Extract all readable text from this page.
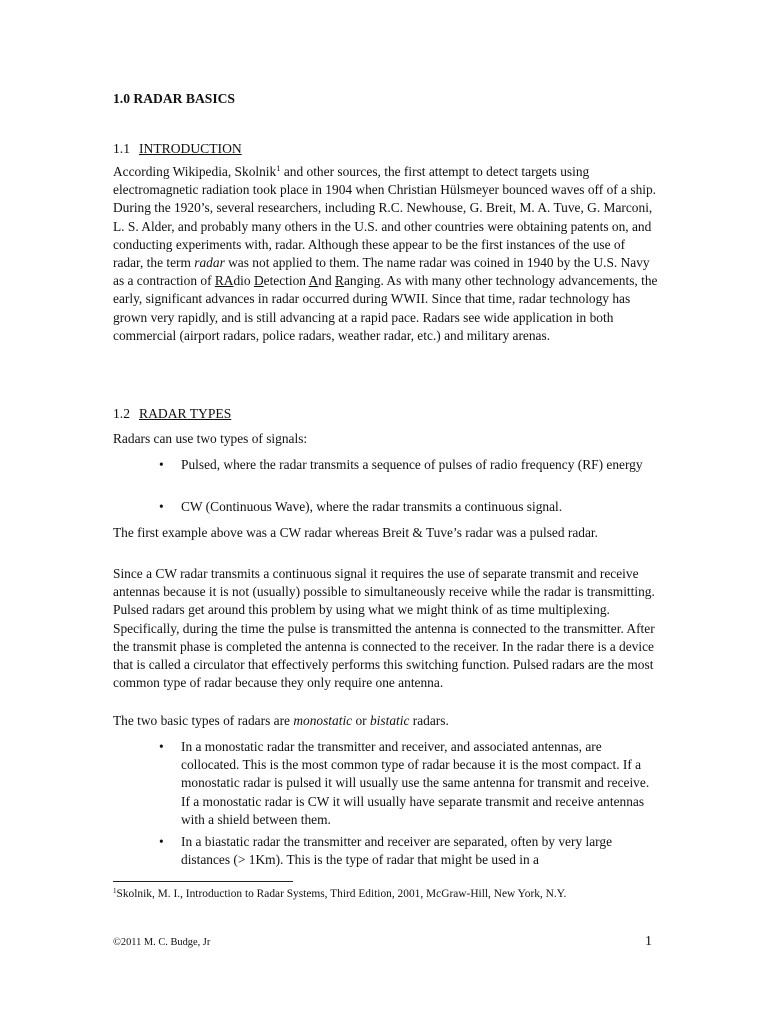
1.0 RADAR BASICS
1.1 INTRODUCTION

According Wikipedia, Skolnik$^1$ and other sources, the first attempt to detect targets using electromagnetic radiation took place in 1904 when Christian Hülsmeyer bounced waves off of a ship. During the 1920’s, several researchers, including R.C. Newhouse, G. Breit, M. A. Tuve, G. Marconi, L. S. Alder, and probably many others in the U.S. and other countries were obtaining patents on, and conducting experiments with, radar. Although these appear to be the first instances of the use of radar, the term radar was not applied to them. The name radar was coined in 1940 by the U.S. Navy as a contraction of RAdio Detection And Ranging. As with many other technology advancements, the early, significant advances in radar occurred during WWII. Since that time, radar technology has grown very rapidly, and is still advancing at a rapid pace. Radars see wide application in both commercial (airport radars, police radars, weather radar, etc.) and military arenas.

1.2 RADAR TYPES

Radars can use two types of signals:

•	Pulsed, where the radar transmits a sequence of pulses of radio frequency (RF) energy
•	CW (Continuous Wave), where the radar transmits a continuous signal.

The first example above was a CW radar whereas Breit & Tuve’s radar was a pulsed radar.

Since a CW radar transmits a continuous signal it requires the use of separate transmit and receive antennas because it is not (usually) possible to simultaneously receive while the radar is transmitting. Pulsed radars get around this problem by using what we might think of as time multiplexing. Specifically, during the time the pulse is transmitted the antenna is connected to the transmitter. After the transmit phase is completed the antenna is connected to the receiver. In the radar there is a device that is called a circulator that effectively performs this switching function. Pulsed radars are the most common type of radar because they only require one antenna.

The two basic types of radars are monostatic or bistatic radars.

•	In a monostatic radar the transmitter and receiver, and associated antennas, are collocated. This is the most common type of radar because it is the most compact. If a monostatic radar is pulsed it will usually use the same antenna for transmit and receive. If a monostatic radar is CW it will usually have separate transmit and receive antennas with a shield between them.
•	In a biastatic radar the transmitter and receiver are separated, often by very large distances (> 1Km). This is the type of radar that might be used in a
$^1$Skolnik, M. I., Introduction to Radar Systems, Third Edition, 2001, McGraw-Hill, New York, N.Y.
©2011 M. C. Budge, Jr	1
